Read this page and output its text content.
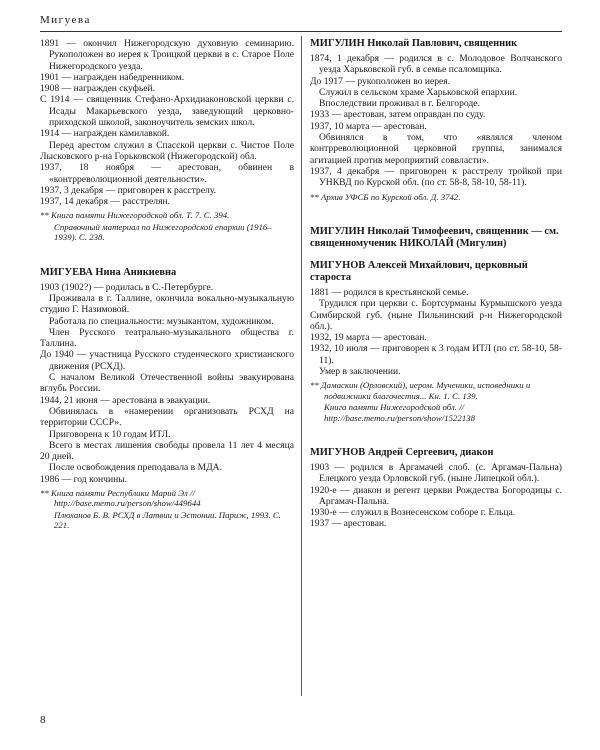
Мигуева
1891 — окончил Нижегородскую духовную семинарию. Рукоположен во иерея к Троицкой церкви в с. Старое Поле Нижегородского уезда.
1901 — награжден набедренником.
1908 — награжден скуфьей.
С 1914 — священник Стефано-Архидиаконовской церкви с. Исады Макарьевского уезда, заведующий церковно-приходской школой, законоучитель земских школ.
1914 — награжден камилавкой.
Перед арестом служил в Спасской церкви с. Чистое Поле Лысковского р-на Горьковской (Нижегородской) обл.
1937, 18 ноября — арестован, обвинен в «контрреволюционной деятельности».
1937, 3 декабря — приговорен к расстрелу.
1937, 14 декабря — расстрелян.
** Книга памяти Нижегородской обл. Т. 7. С. 394.
Справочный материал по Нижегородской епархии (1916–1939). С. 238.
МИГУЕВА Нина Аникиевна
1903 (1902?) — родилась в С.-Петербурге.
Проживала в г. Таллине, окончила вокально-музыкальную студию Г. Назимовой.
Работала по специальности: музыкантом, художником.
Член Русского театрально-музыкального общества г. Таллина.
До 1940 — участница Русского студенческого христианского движения (РСХД).
С началом Великой Отечественной войны эвакуирована вглубь России.
1944, 21 июня — арестована в эвакуации.
Обвинялась в «намерении организовать РСХД на территории СССР».
Приговорена к 10 годам ИТЛ.
Всего в местах лишения свободы провела 11 лет 4 месяца 20 дней.
После освобождения преподавала в МДА.
1986 — год кончины.
** Книга памяти Республики Марий Эл // http://base.memo.ru/person/show/449644
Плюханов Б. В. РСХД в Латвии и Эстонии. Париж, 1993. С. 221.
МИГУЛИН Николай Павлович, священник
1874, 1 декабря — родился в с. Молодовое Волчанского уезда Харьковской губ. в семье псаломщика.
До 1917 — рукоположен во иерея.
Служил в сельском храме Харьковской епархии.
Впоследствии проживал в г. Белгороде.
1933 — арестован, затем оправдан по суду.
1937, 10 марта — арестован.
Обвинялся в том, что «являлся членом контрреволюционной церковной группы, занимался агитацией против мероприятий соввласти».
1937, 4 декабря — приговорен к расстрелу тройкой при УНКВД по Курской обл. (по ст. 58-8, 58-10, 58-11).
** Архив УФСБ по Курской обл. Д. 3742.
МИГУЛИН Николай Тимофеевич, священник — см. священномученик НИКОЛАЙ (Мигулин)
МИГУНОВ Алексей Михайлович, церковный староста
1881 — родился в крестьянской семье.
Трудился при церкви с. Бортсурманы Курмышского уезда Симбирской губ. (ныне Пильнинский р-н Нижегородской обл.).
1932, 19 марта — арестован.
1932, 10 июля — приговорен к 3 годам ИТЛ (по ст. 58-10, 58-11).
Умер в заключении.
** Дамаскин (Орловский), иером. Мученики, исповедники и подвижники благочестия... Кн. 1. С. 139.
Книга памяти Нижегородской обл. // http://base.memo.ru/person/show/1522138
МИГУНОВ Андрей Сергеевич, диакон
1903 — родился в Аргамачей слоб. (с. Аргамач-Пальна) Елецкого уезда Орловской губ. (ныне Липецкой обл.).
1920-е — диакон и регент церкви Рождества Богородицы с. Аргамач-Пальна.
1930-е — служил в Вознесенском соборе г. Ельца.
1937 — арестован.
8
